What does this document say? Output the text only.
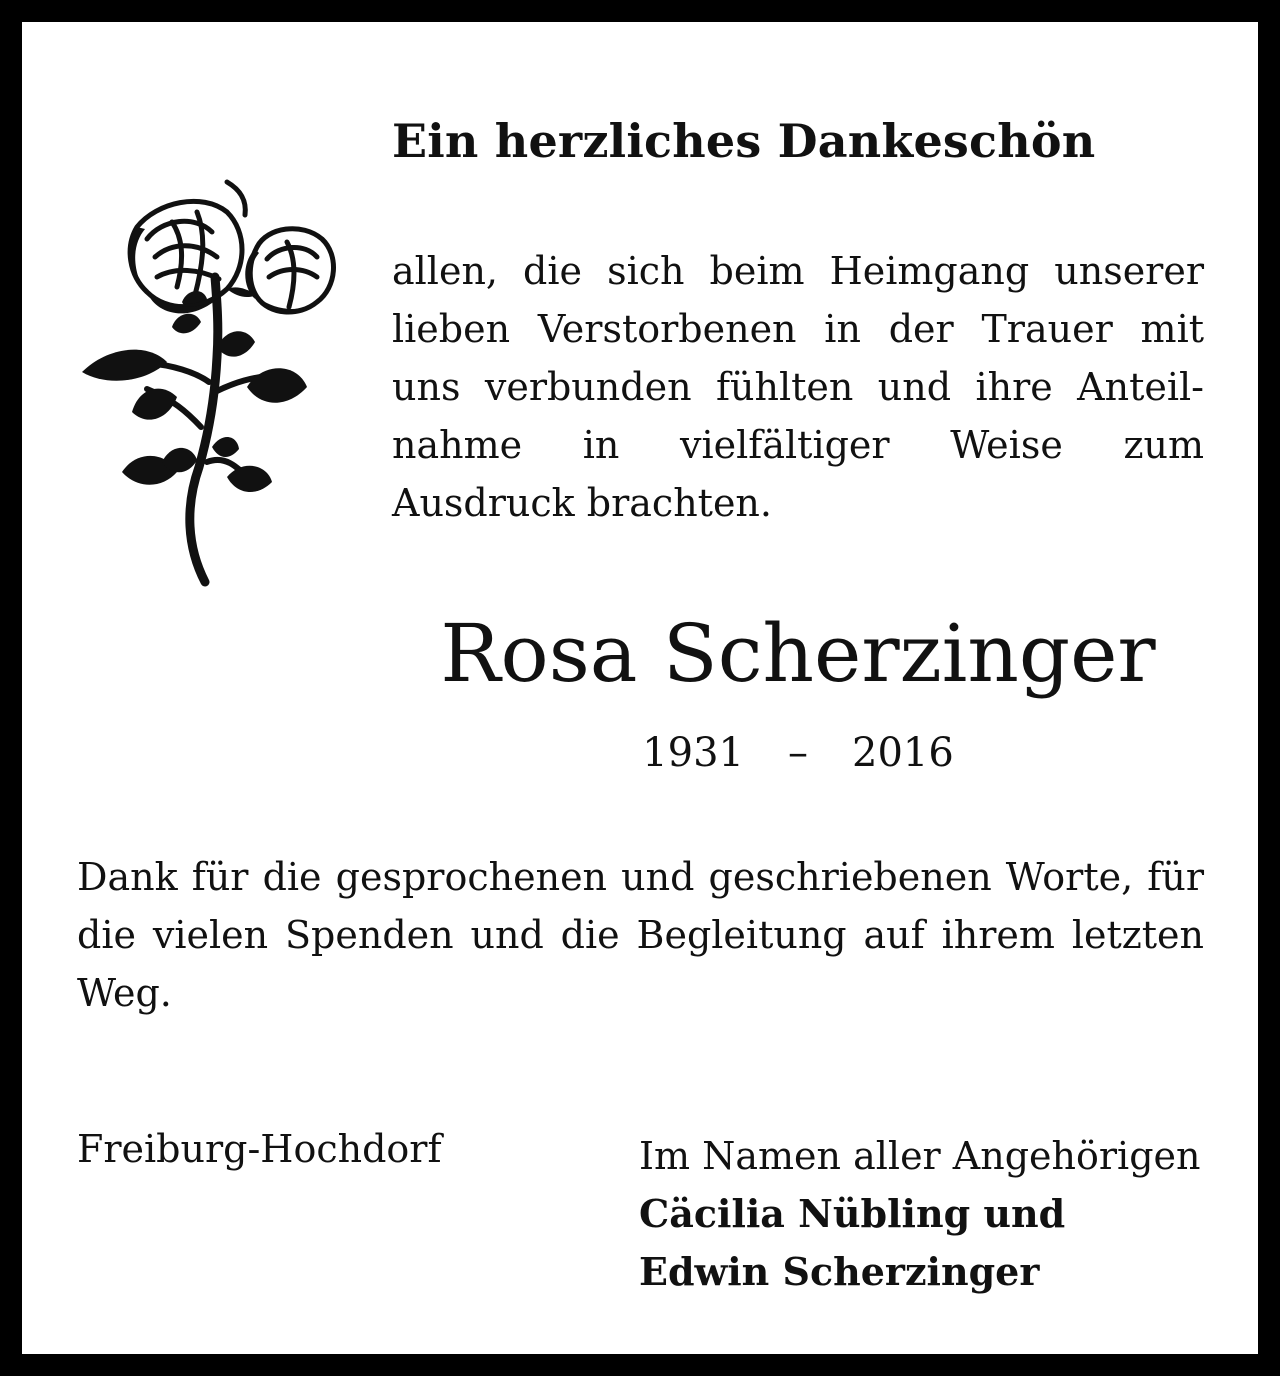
Ein herzliches Dankeschön

allen, die sich beim Heimgang unserer lieben Verstorbenen in der Trauer mit uns verbunden fühlten und ihre Anteilnahme in vielfältiger Weise zum Ausdruck brachten.

Rosa Scherzinger
1931 – 2016

Dank für die gesprochenen und geschriebenen Worte, für die vielen Spenden und die Begleitung auf ihrem letzten Weg.

Freiburg-Hochdorf	Im Namen aller Angehörigen
Cäcilia Nübling und
Edwin Scherzinger
